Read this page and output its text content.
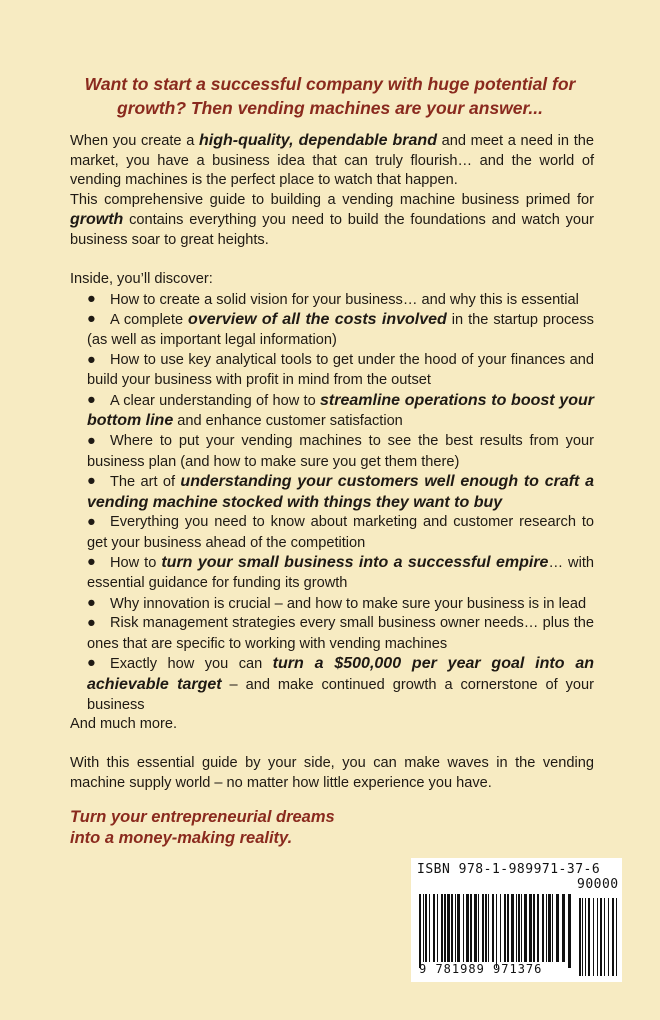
Want to start a successful company with huge potential for growth? Then vending machines are your answer...

When you create a high-quality, dependable brand and meet a need in the market, you have a business idea that can truly flourish… and the world of vending machines is the perfect place to watch that happen.

This comprehensive guide to building a vending machine business primed for growth contains everything you need to build the foundations and watch your business soar to great heights.

Inside, you’ll discover:

● How to create a solid vision for your business… and why this is essential
● A complete overview of all the costs involved in the startup process (as well as important legal information)
● How to use key analytical tools to get under the hood of your finances and build your business with profit in mind from the outset
● A clear understanding of how to streamline operations to boost your bottom line and enhance customer satisfaction
● Where to put your vending machines to see the best results from your business plan (and how to make sure you get them there)
● The art of understanding your customers well enough to craft a vending machine stocked with things they want to buy
● Everything you need to know about marketing and customer research to get your business ahead of the competition
● How to turn your small business into a successful empire… with essential guidance for funding its growth
● Why innovation is crucial – and how to make sure your business is in lead
● Risk management strategies every small business owner needs… plus the ones that are specific to working with vending machines
● Exactly how you can turn a $500,000 per year goal into an achievable target – and make continued growth a cornerstone of your business

And much more.

With this essential guide by your side, you can make waves in the vending machine supply world – no matter how little experience you have.

Turn your entrepreneurial dreams
into a money-making reality.
ISBN 978-1-989971-37-6
90000
9 781989 971376
